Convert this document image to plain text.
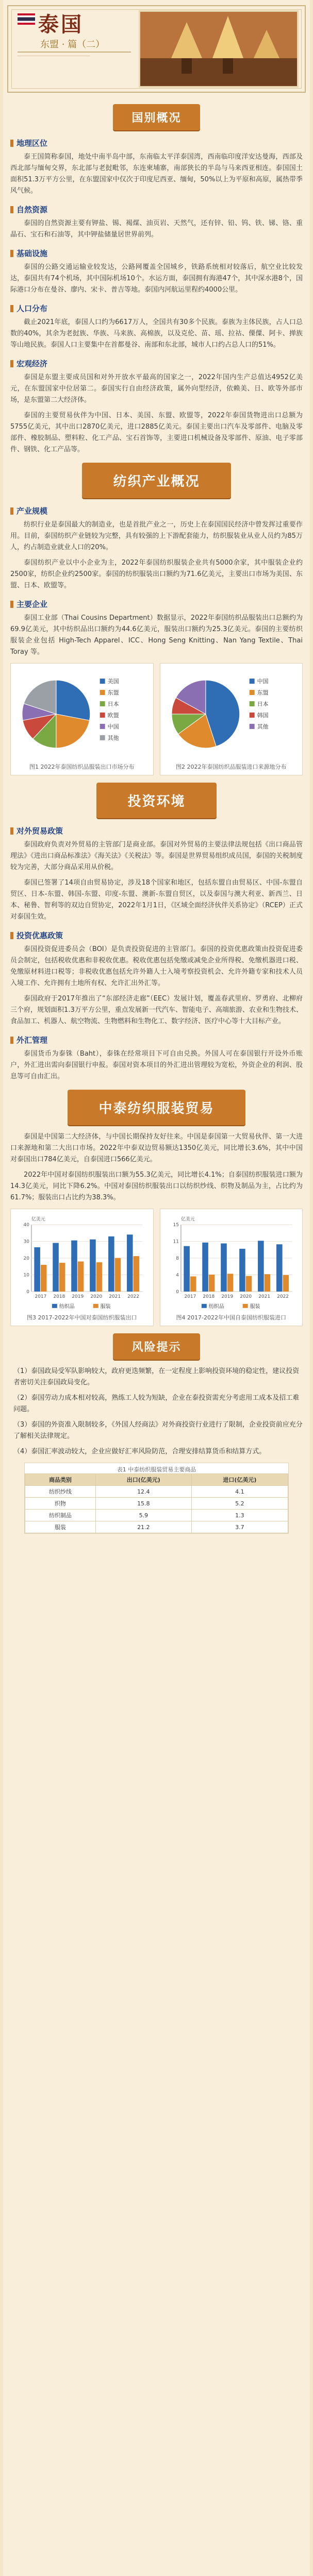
泰国
东盟 · 篇（二）
国别概况
地理区位

泰王国简称泰国，地处中南半岛中部，东南临太平洋泰国湾，西南临印度洋安达曼海，西部及西北部与缅甸交界，东北部与老挝毗邻，东连柬埔寨，南部狭长的半岛与马来西亚相连。泰国国土面积51.3万平方公里，在东盟国家中仅次于印度尼西亚、缅甸，50%以上为平原和高原，属热带季风气候。

自然资源

泰国的自然资源主要有钾盐、锡、褐煤、油页岩、天然气，还有锌、铅、钨、铁、锑、铬、重晶石、宝石和石油等，其中钾盐储量居世界前列。

基础设施

泰国的公路交通运输业较发达，公路网覆盖全国城乡，铁路系统相对较落后，航空业比较发达，泰国共有74个机场，其中国际机场10个。水运方面，泰国拥有海港47个，其中深水港8个，国际港口分布在曼谷、廖内、宋卡、普吉等地。泰国内河航运里程约4000公里。

人口分布

截止2021年底，泰国人口约为6617万人，全国共有30多个民族。泰族为主体民族，占人口总数的40%，其余为老挝族、华族、马来族、高棉族，以及克伦、苗、瑶、拉祜、傈僳、阿卡、掸族等山地民族。泰国人口主要集中在首都曼谷、南部和东北部，城市人口约占总人口的51%。

宏观经济

泰国是东盟主要成员国和对外开放水平最高的国家之一，2022年国内生产总值达4952亿美元，在东盟国家中位居第二。泰国实行自由经济政策，属外向型经济，依赖美、日、欧等外部市场，是东盟第二大经济体。

泰国的主要贸易伙伴为中国、日本、美国、东盟、欧盟等，2022年泰国货物进出口总额为5755亿美元，其中出口2870亿美元，进口2885亿美元。泰国主要出口汽车及零部件、电脑及零部件、橡胶制品、塑料粒、化工产品、宝石首饰等，主要进口机械设备及零部件、原油、电子零部件、钢铁、化工产品等。

纺织产业概况
产业规模

纺织行业是泰国最大的制造业，也是首批产业之一，历史上在泰国国民经济中曾发挥过重要作用。目前，泰国纺织产业链较为完整，具有较强的上下游配套能力，纺织服装业从业人员约为85万人，约占制造业就业人口的20%。

泰国纺织产业以中小企业为主，2022年泰国纺织服装企业共有5000余家，其中服装企业约2500家，纺织企业约2500家。泰国的纺织服装出口额约为71.6亿美元，主要出口市场为美国、东盟、日本、欧盟等。

主要企业

泰国工业部（Thai Cousins Department）数据显示，2022年泰国纺织品服装出口总额约为69.9亿美元，其中纺织品出口额约为44.6亿美元，服装出口额约为25.3亿美元。泰国的主要纺织服装企业包括 High-Tech Apparel、ICC、Hong Seng Knitting、Nan Yang Textile、Thai Toray 等。

美国
东盟
日本
欧盟
中国
其他
图1 2022年泰国纺织品服装出口市场分布
中国
东盟
日本
韩国
其他
图2 2022年泰国纺织品服装进口来源地分布
投资环境
对外贸易政策

泰国政府负责对外贸易的主管部门是商业部。泰国对外贸易的主要法律法规包括《出口商品管理法》《进出口商品标准法》《海关法》《关税法》等。泰国是世界贸易组织成员国，泰国的关税制度较为完善，大部分商品采用从价税。

泰国已签署了14项自由贸易协定，涉及18个国家和地区，包括东盟自由贸易区、中国-东盟自贸区、日本-东盟、韩国-东盟、印度-东盟、澳新-东盟自贸区，以及泰国与澳大利亚、新西兰、日本、秘鲁、智利等的双边自贸协定，2022年1月1日，《区域全面经济伙伴关系协定》（RCEP）正式对泰国生效。

投资优惠政策

泰国投资促进委员会（BOI）是负责投资促进的主管部门。泰国的投资优惠政策由投资促进委员会制定，包括税收优惠和非税收优惠。税收优惠包括免缴或减免企业所得税、免缴机器进口税、免缴原材料进口税等；非税收优惠包括允许外籍人士入境考察投资机会、允许外籍专家和技术人员入境工作、允许拥有土地所有权、允许汇出外汇等。

泰国政府于2017年推出了“东部经济走廊”（EEC）发展计划，覆盖春武里府、罗勇府、北柳府三个府，规划面积1.3万平方公里，重点发展新一代汽车、智能电子、高端旅游、农业和生物技术、食品加工、机器人、航空物流、生物燃料和生物化工、数字经济、医疗中心等十大目标产业。

外汇管理

泰国货币为泰铢（Baht），泰铢在经常项目下可自由兑换。外国人可在泰国银行开设外币账户，外汇进出需向泰国银行申报。泰国对资本项目的外汇进出管理较为宽松，外资企业的利润、股息等可自由汇出。

中泰纺织服装贸易

泰国是中国第二大经济体，与中国长期保持友好往来。中国是泰国第一大贸易伙伴、第一大进口来源地和第二大出口市场。2022年中泰双边贸易额达1350亿美元，同比增长3.6%，其中中国对泰国出口784亿美元，自泰国进口566亿美元。

2022年中国对泰国纺织服装出口额为55.3亿美元，同比增长4.1%；自泰国纺织服装进口额为14.3亿美元，同比下降6.2%。中国对泰国纺织服装出口以纺织纱线、织物及制品为主，占比约为61.7%；服装出口占比约为38.3%。

0
10
20
30
40
亿美元
2017 2018 2019 2020 2021 2022
纺织品	服装
图3 2017-2022年中国对泰国纺织服装出口
0
4
8
11
15
亿美元
2017 2018 2019 2020 2021 2022
纺织品	服装
图4 2017-2022年中国自泰国纺织服装进口
风险提示
（1）泰国政局受军队影响较大，政府更迭频繁，在一定程度上影响投资环境的稳定性，建议投资者密切关注泰国政局变化。
（2）泰国劳动力成本相对较高，熟练工人较为短缺，企业在泰投资需充分考虑用工成本及招工难问题。
（3）泰国的外资准入限制较多，《外国人经商法》对外商投资行业进行了限制，企业投资前应充分了解相关法律规定。
（4）泰国汇率波动较大，企业应做好汇率风险防范，合理安排结算货币和结算方式。
表1 中泰纺织服装贸易主要商品
商品类别	出口(亿美元)	进口(亿美元)
纺织纱线	12.4	4.1
织物	15.8	5.2
纺织制品	5.9	1.3
服装	21.2	3.7
